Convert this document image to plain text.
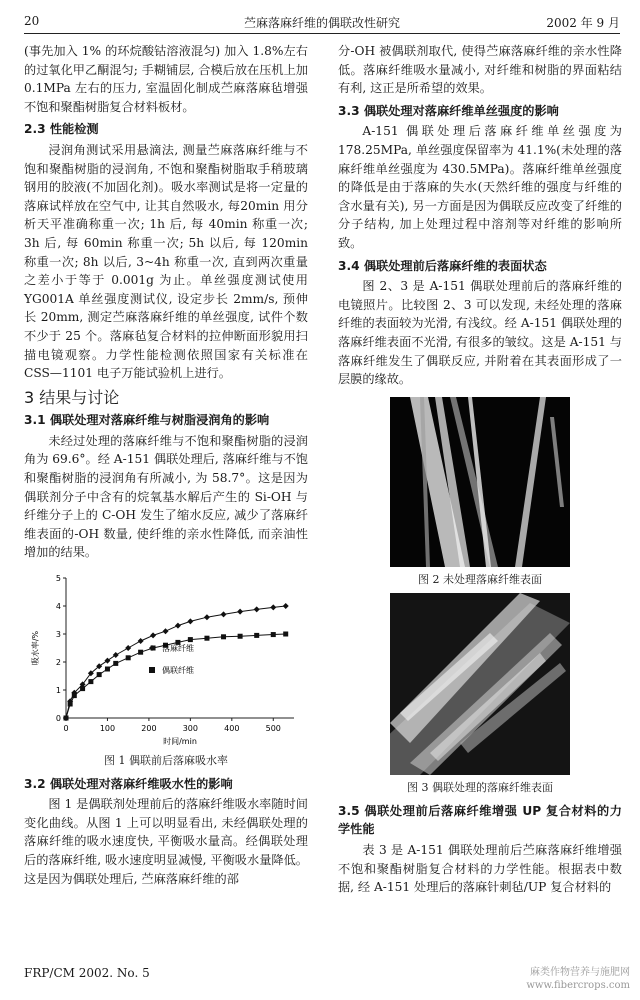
20	苎麻落麻纤维的偶联改性研究	2002 年 9 月

(事先加入 1% 的环烷酸钴溶液混匀) 加入 1.8%左右的过氧化甲乙酮混匀; 手糊铺层, 合模后放在压机上加 0.1MPa 左右的压力, 室温固化制成苎麻落麻毡增强不饱和聚酯树脂复合材料板材。

2.3 性能检测

浸润角测试采用悬滴法, 测量苎麻落麻纤维与不饱和聚酯树脂的浸润角, 不饱和聚酯树脂取手稍玻璃钢用的胶液(不加固化剂)。吸水率测试是将一定量的落麻试样放在空气中, 让其自然吸水, 每20min 用分析天平准确称重一次; 1h 后, 每 40min 称重一次; 3h 后, 每 60min 称重一次; 5h 以后, 每 120min 称重一次; 8h 以后, 3~4h 称重一次, 直到两次重量之差小于等于 0.001g 为止。单丝强度测试使用 YG001A 单丝强度测试仪, 设定步长 2mm/s, 预伸长 20mm, 测定苎麻落麻纤维的单丝强度, 试件个数不少于 25 个。落麻毡复合材料的拉伸断面形貌用扫描电镜观察。力学性能检测依照国家有关标准在 CSS—1101 电子万能试验机上进行。

3 结果与讨论
3.1 偶联处理对落麻纤维与树脂浸润角的影响

未经过处理的落麻纤维与不饱和聚酯树脂的浸润角为 69.6°。经 A-151 偶联处理后, 落麻纤维与不饱和聚酯树脂的浸润角有所减小, 为 58.7°。这是因为偶联剂分子中含有的烷氧基水解后产生的 Si-OH 与纤维分子上的 C-OH 发生了缩水反应, 减少了落麻纤维表面的-OH 数量, 使纤维的亲水性降低, 而亲油性增加的结果。

0	100	200	300	400	500
0
1
2
3
4
5
时间/min
吸水率/%	落麻纤维
偶联纤维
图 1 偶联前后落麻吸水率
3.2 偶联处理对落麻纤维吸水性的影响

图 1 是偶联剂处理前后的落麻纤维吸水率随时间变化曲线。从图 1 上可以明显看出, 未经偶联处理的落麻纤维的吸水速度快, 平衡吸水量高。经偶联处理后的落麻纤维, 吸水速度明显减慢, 平衡吸水量降低。这是因为偶联处理后, 苎麻落麻纤维的部

分-OH 被偶联剂取代, 使得苎麻落麻纤维的亲水性降低。落麻纤维吸水量减小, 对纤维和树脂的界面粘结有利, 这正是所希望的效果。

3.3 偶联处理对落麻纤维单丝强度的影响

A-151 偶联处理后落麻纤维单丝强度为178.25MPa, 单丝强度保留率为 41.1%(未处理的落麻纤维单丝强度为 430.5MPa)。落麻纤维单丝强度的降低是由于落麻的失水(天然纤维的强度与纤维的含水量有关), 另一方面是因为偶联反应改变了纤维的分子结构, 加上处理过程中溶剂等对纤维的影响所致。

3.4 偶联处理前后落麻纤维的表面状态

图 2、3 是 A-151 偶联处理前后的落麻纤维的电镜照片。比较图 2、3 可以发现, 未经处理的落麻纤维的表面较为光滑, 有浅纹。经 A-151 偶联处理的落麻纤维表面不光滑, 有很多的皱纹。这是 A-151 与落麻纤维发生了偶联反应, 并附着在其表面形成了一层膜的缘故。

图 2 未处理落麻纤维表面
图 3 偶联处理的落麻纤维表面
3.5 偶联处理前后落麻纤维增强 UP 复合材料的力学性能

表 3 是 A-151 偶联处理前后苎麻落麻纤维增强不饱和聚酯树脂复合材料的力学性能。根据表中数据, 经 A-151 处理后的落麻针刺毡/UP 复合材料的

FRP/CM 2002. No. 5	麻类作物营养与施肥网
www.fibercrops.com
